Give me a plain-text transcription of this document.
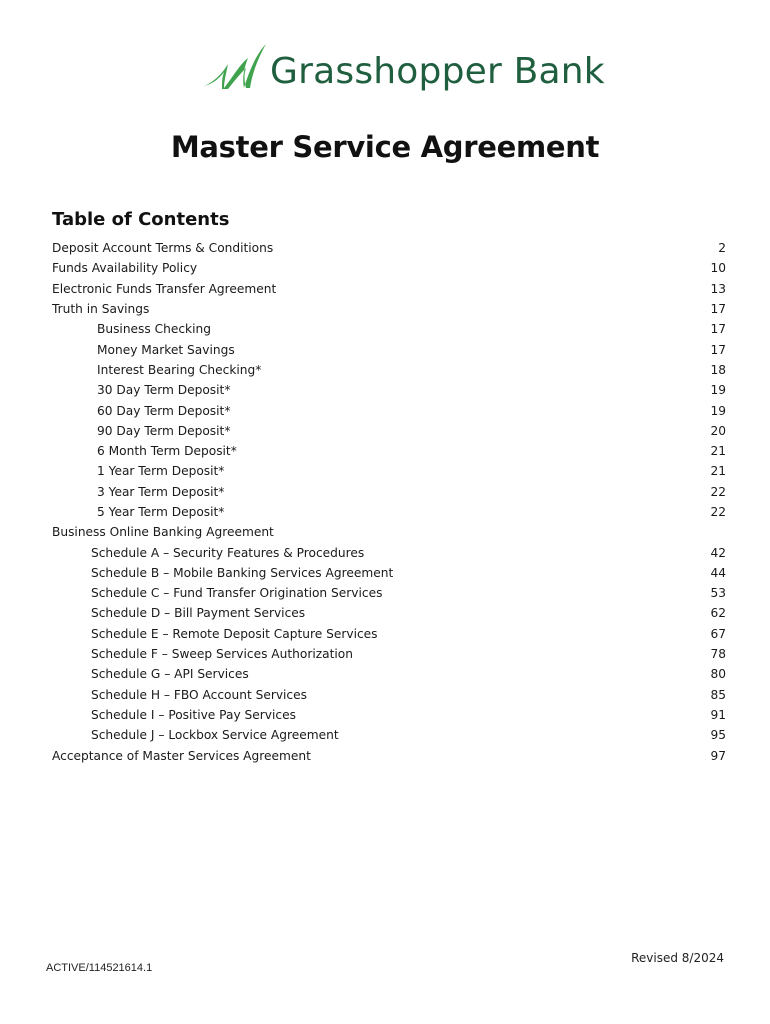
Grasshopper Bank
Master Service Agreement
Table of Contents
Deposit Account Terms & Conditions	2
Funds Availability Policy	10
Electronic Funds Transfer Agreement	13
Truth in Savings	17
Business Checking	17
Money Market Savings	17
Interest Bearing Checking*	18
30 Day Term Deposit*	19
60 Day Term Deposit*	19
90 Day Term Deposit*	20
6 Month Term Deposit*	21
1 Year Term Deposit*	21
3 Year Term Deposit*	22
5 Year Term Deposit*	22
Business Online Banking Agreement
Schedule A – Security Features & Procedures	42
Schedule B – Mobile Banking Services Agreement	44
Schedule C – Fund Transfer Origination Services	53
Schedule D – Bill Payment Services	62
Schedule E – Remote Deposit Capture Services	67
Schedule F – Sweep Services Authorization	78
Schedule G – API Services	80
Schedule H – FBO Account Services	85
Schedule I – Positive Pay Services	91
Schedule J – Lockbox Service Agreement	95
Acceptance of Master Services Agreement	97
ACTIVE/114521614.1
Revised 8/2024
